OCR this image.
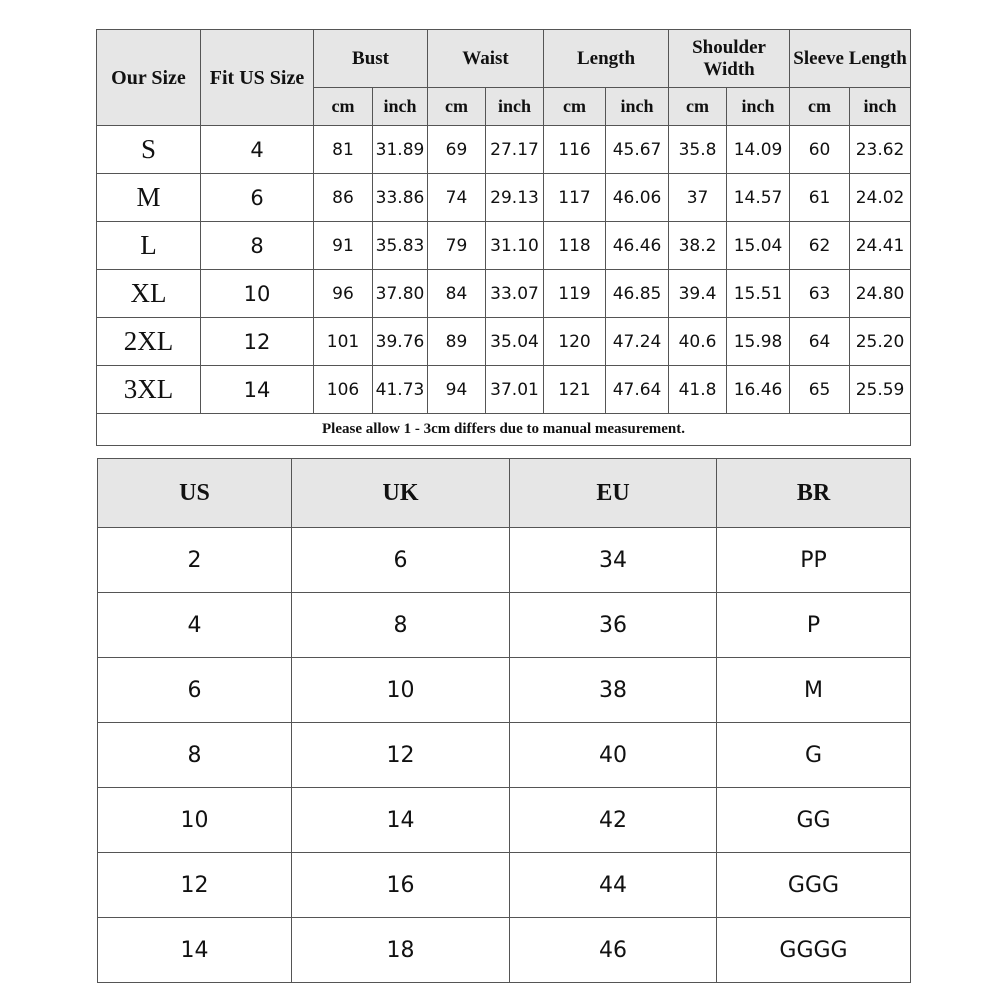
Our Size	Fit US Size	Bust		Waist		Length		Shoulder Width		Sleeve Length	
		cm	inch	cm	inch	cm	inch	cm	inch	cm	inch
S	4	81	31.89	69	27.17	116	45.67	35.8	14.09	60	23.62
M	6	86	33.86	74	29.13	117	46.06	37	14.57	61	24.02
L	8	91	35.83	79	31.10	118	46.46	38.2	15.04	62	24.41
XL	10	96	37.80	84	33.07	119	46.85	39.4	15.51	63	24.80
2XL	12	101	39.76	89	35.04	120	47.24	40.6	15.98	64	25.20
3XL	14	106	41.73	94	37.01	121	47.64	41.8	16.46	65	25.59
Please allow 1 - 3cm differs due to manual measurement.											
US	UK	EU	BR
2	6	34	PP
4	8	36	P
6	10	38	M
8	12	40	G
10	14	42	GG
12	16	44	GGG
14	18	46	GGGG
